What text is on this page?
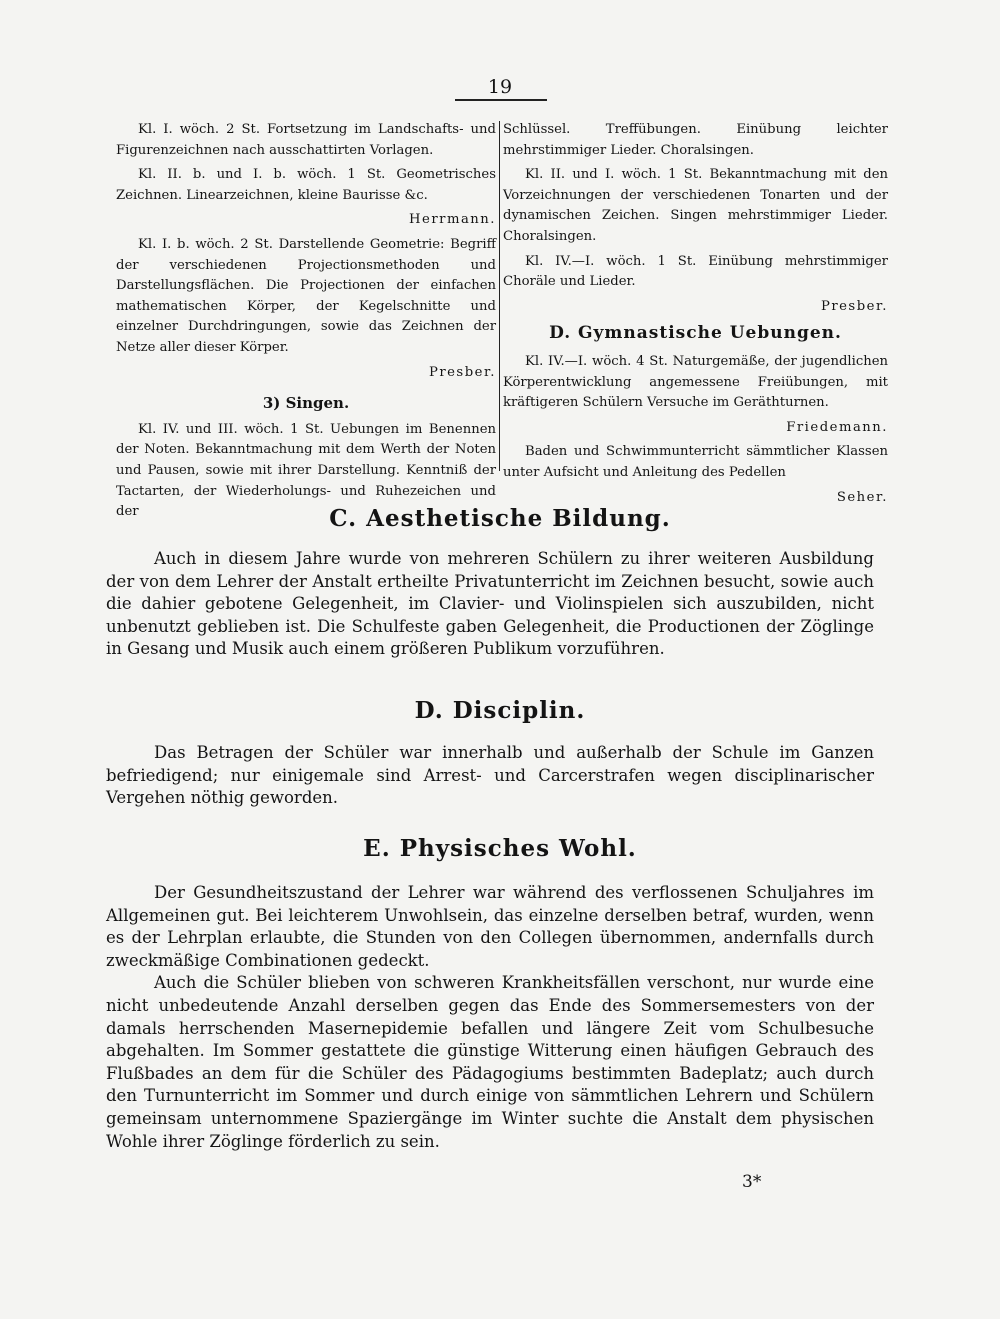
19

Kl. I. wöch. 2 St. Fortsetzung im Landschafts- und Figurenzeichnen nach ausschattirten Vorlagen.

Kl. II. b. und I. b. wöch. 1 St. Geometrisches Zeichnen. Linearzeichnen, kleine Baurisse &c.

Herrmann.

Kl. I. b. wöch. 2 St. Darstellende Geometrie: Begriff der verschiedenen Projectionsmethoden und Darstellungsflächen. Die Projectionen der einfachen mathematischen Körper, der Kegelschnitte und einzelner Durchdringungen, sowie das Zeichnen der Netze aller dieser Körper.

Presber.

3) Singen.

Kl. IV. und III. wöch. 1 St. Uebungen im Benennen der Noten. Bekanntmachung mit dem Werth der Noten und Pausen, sowie mit ihrer Darstellung. Kenntniß der Tactarten, der Wiederholungs- und Ruhezeichen und der

Schlüssel. Treffübungen. Einübung leichter mehrstimmiger Lieder. Choralsingen.

Kl. II. und I. wöch. 1 St. Bekanntmachung mit den Vorzeichnungen der verschiedenen Tonarten und der dynamischen Zeichen. Singen mehrstimmiger Lieder. Choralsingen.

Kl. IV.—I. wöch. 1 St. Einübung mehrstimmiger Choräle und Lieder.

Presber.

D. Gymnastische Uebungen.

Kl. IV.—I. wöch. 4 St. Naturgemäße, der jugendlichen Körperentwicklung angemessene Freiübungen, mit kräftigeren Schülern Versuche im Geräthturnen.

Friedemann.

Baden und Schwimmunterricht sämmtlicher Klassen unter Aufsicht und Anleitung des Pedellen

Seher.

C. Aesthetische Bildung.

Auch in diesem Jahre wurde von mehreren Schülern zu ihrer weiteren Ausbildung der von dem Lehrer der Anstalt ertheilte Privatunterricht im Zeichnen besucht, sowie auch die dahier gebotene Gelegenheit, im Clavier- und Violinspielen sich auszubilden, nicht unbenutzt geblieben ist. Die Schulfeste gaben Gelegenheit, die Productionen der Zöglinge in Gesang und Musik auch einem größeren Publikum vorzuführen.

D. Disciplin.

Das Betragen der Schüler war innerhalb und außerhalb der Schule im Ganzen befriedigend; nur einigemale sind Arrest- und Carcerstrafen wegen disciplinarischer Vergehen nöthig geworden.

E. Physisches Wohl.

Der Gesundheitszustand der Lehrer war während des verflossenen Schuljahres im Allgemeinen gut. Bei leichterem Unwohlsein, das einzelne derselben betraf, wurden, wenn es der Lehrplan erlaubte, die Stunden von den Collegen übernommen, andernfalls durch zweckmäßige Combinationen gedeckt.

Auch die Schüler blieben von schweren Krankheitsfällen verschont, nur wurde eine nicht unbedeutende Anzahl derselben gegen das Ende des Sommersemesters von der damals herrschenden Masernepidemie befallen und längere Zeit vom Schulbesuche abgehalten. Im Sommer gestattete die günstige Witterung einen häufigen Gebrauch des Flußbades an dem für die Schüler des Pädagogiums bestimmten Badeplatz; auch durch den Turnunterricht im Sommer und durch einige von sämmtlichen Lehrern und Schülern gemeinsam unternommene Spaziergänge im Winter suchte die Anstalt dem physischen Wohle ihrer Zöglinge förderlich zu sein.

3*
